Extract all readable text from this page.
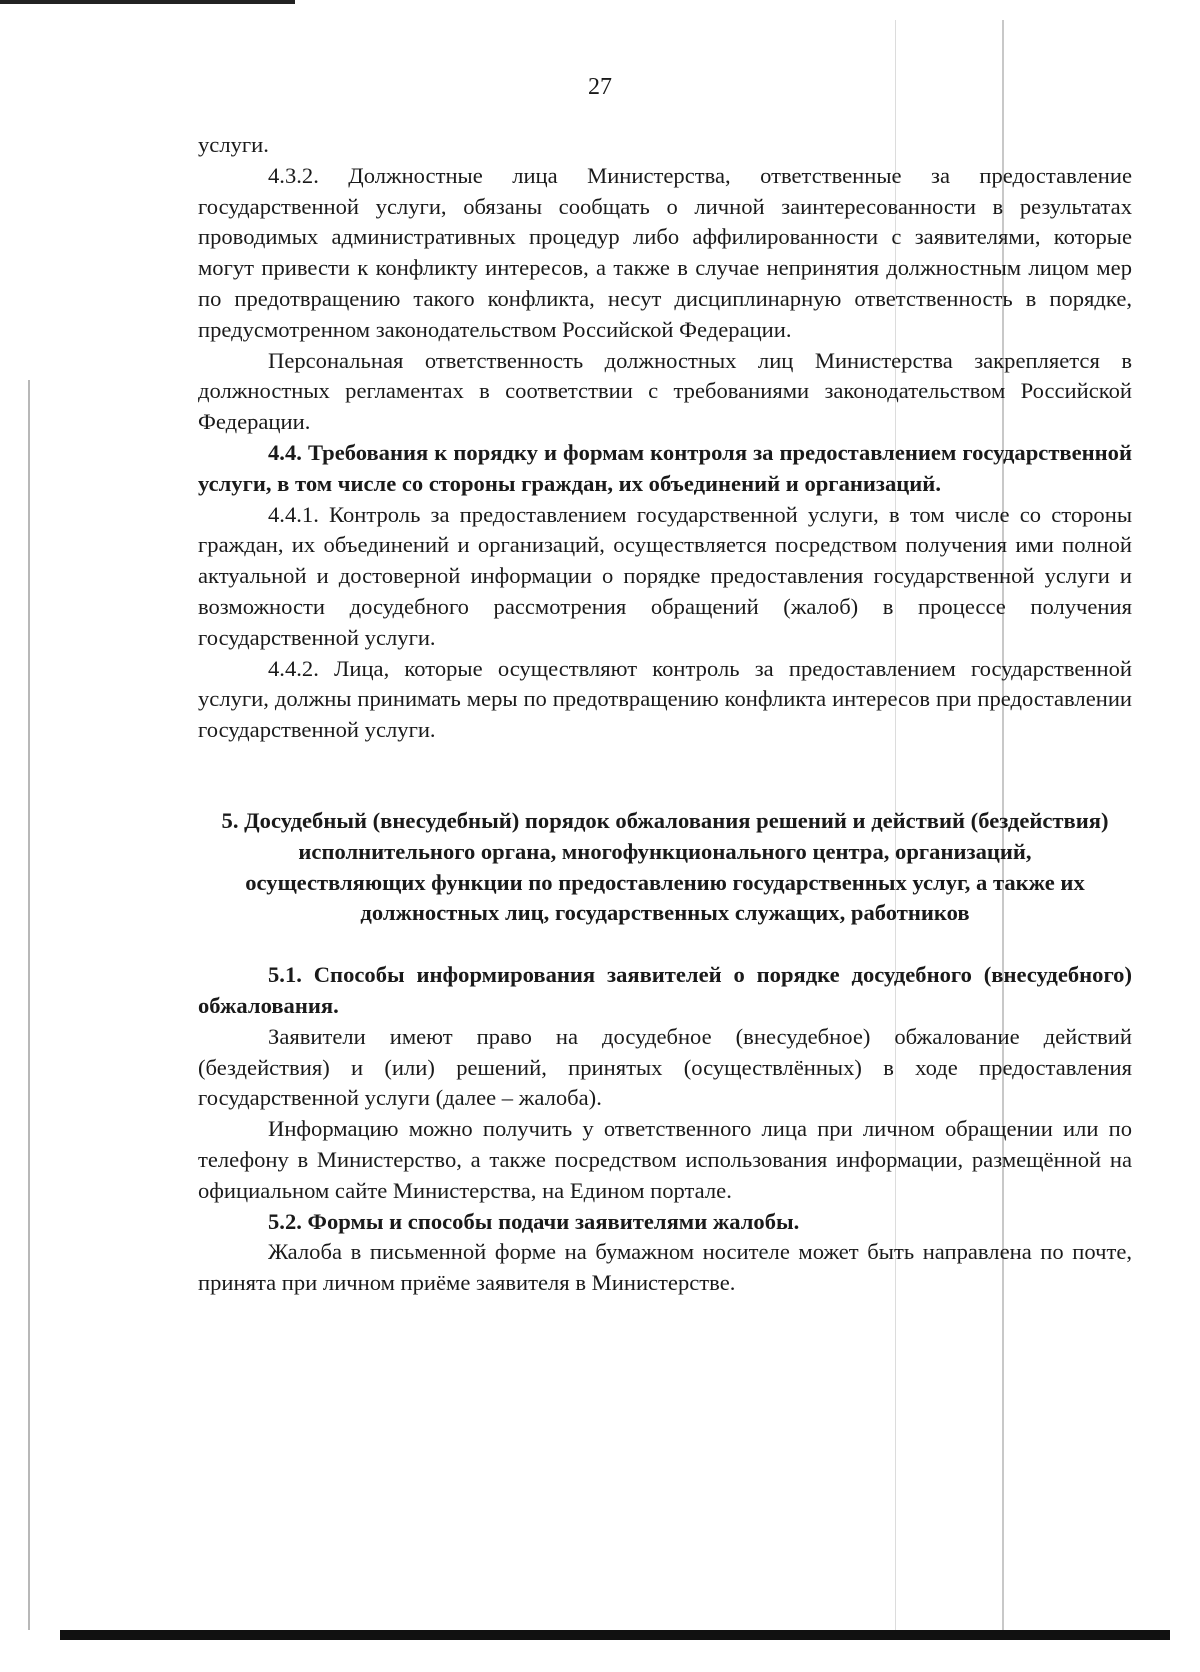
27

услуги.

4.3.2. Должностные лица Министерства, ответственные за предоставление государственной услуги, обязаны сообщать о личной заинтересованности в результатах проводимых административных процедур либо аффилированности с заявителями, которые могут привести к конфликту интересов, а также в случае непринятия должностным лицом мер по предотвращению такого конфликта, несут дисциплинарную ответственность в порядке, предусмотренном законодательством Российской Федерации.

Персональная ответственность должностных лиц Министерства закрепляется в должностных регламентах в соответствии с требованиями законодательством Российской Федерации.

4.4. Требования к порядку и формам контроля за предоставлением государственной услуги, в том числе со стороны граждан, их объединений и организаций.

4.4.1. Контроль за предоставлением государственной услуги, в том числе со стороны граждан, их объединений и организаций, осуществляется посредством получения ими полной актуальной и достоверной информации о порядке предоставления государственной услуги и возможности досудебного рассмотрения обращений (жалоб) в процессе получения государственной услуги.

4.4.2. Лица, которые осуществляют контроль за предоставлением государственной услуги, должны принимать меры по предотвращению конфликта интересов при предоставлении государственной услуги.

5. Досудебный (внесудебный) порядок обжалования решений и действий (бездействия) исполнительного органа, многофункционального центра, организаций, осуществляющих функции по предоставлению государственных услуг, а также их должностных лиц, государственных служащих, работников

5.1. Способы информирования заявителей о порядке досудебного (внесудебного) обжалования.

Заявители имеют право на досудебное (внесудебное) обжалование действий (бездействия) и (или) решений, принятых (осуществлённых) в ходе предоставления государственной услуги (далее – жалоба).

Информацию можно получить у ответственного лица при личном обращении или по телефону в Министерство, а также посредством использования информации, размещённой на официальном сайте Министерства, на Едином портале.

5.2. Формы и способы подачи заявителями жалобы.

Жалоба в письменной форме на бумажном носителе может быть направлена по почте, принята при личном приёме заявителя в Министерстве.
